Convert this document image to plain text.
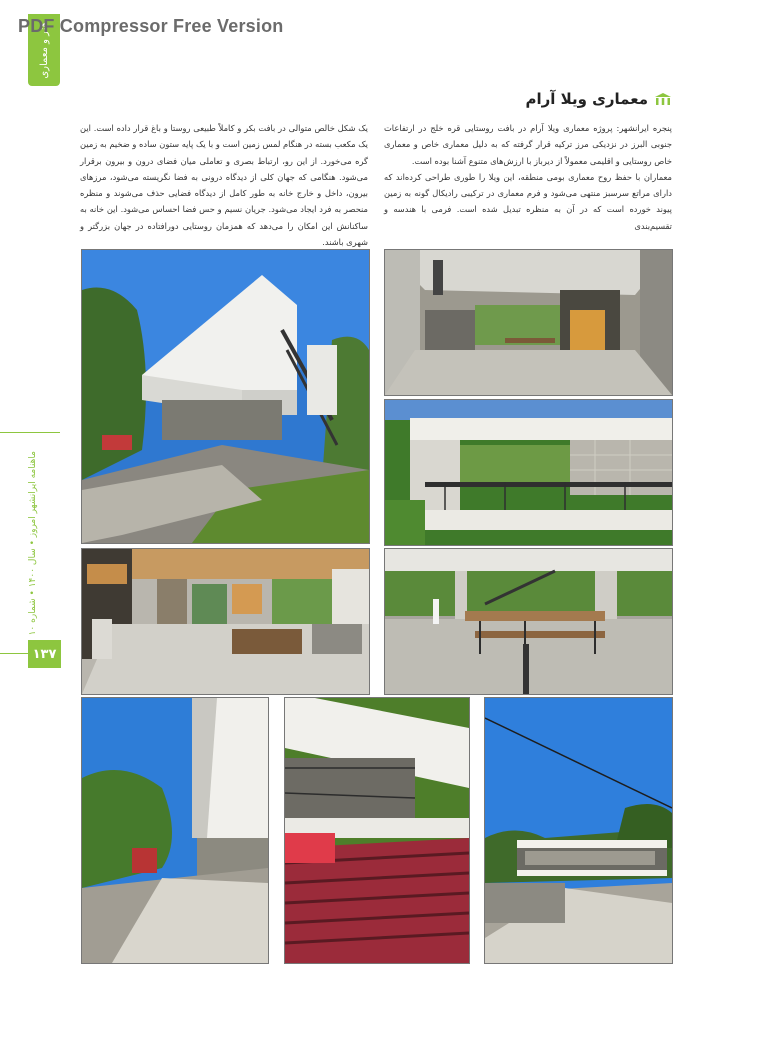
PDF Compressor Free Version
هنر و معماری
ماهنامه ایرانشهر امروز • سال ۱۴۰۰ • شماره ۱۰
۱۳۷
معماری ویلا آرام

پنجره ایرانشهر: پروژه معماری ویلا آرام در بافت روستایی قره خلج در ارتفاعات جنوبی البرز در نزدیکی مرز ترکیه قرار گرفته که به دلیل معماری خاص و معماری خاص روستایی و اقلیمی معمولاً از دیرباز با ارزش‌های متنوع آشنا بوده است.

معماران با حفظ روح معماری بومی منطقه، این ویلا را طوری طراحی کرده‌اند که دارای مراتع سرسبز منتهی می‌شود و فرم معماری در ترکیبی رادیکال گونه به زمین پیوند خورده است که در آن به منظره تبدیل شده است. فرمی با هندسه و تقسیم‌بندی

یک شکل خالص متوالی در بافت بکر و کاملاً طبیعی روستا و باغ قرار داده است. این یک مکعب بسته در هنگام لمس زمین است و با یک پایه ستون ساده و ضخیم به زمین گره می‌خورد. از این رو، ارتباط بصری و تعاملی میان فضای درون و بیرون برقرار می‌شود. هنگامی که جهان کلی از دیدگاه درونی به فضا نگریسته می‌شود، مرزهای بیرون، داخل و خارج خانه به طور کامل از دیدگاه فضایی حذف می‌شوند و منظره منحصر به فرد ایجاد می‌شود. جریان نسیم و حس فضا احساس می‌شود. این خانه به ساکنانش این امکان را می‌دهد که همزمان روستایی دورافتاده در جهان بزرگتر و شهری باشند.
